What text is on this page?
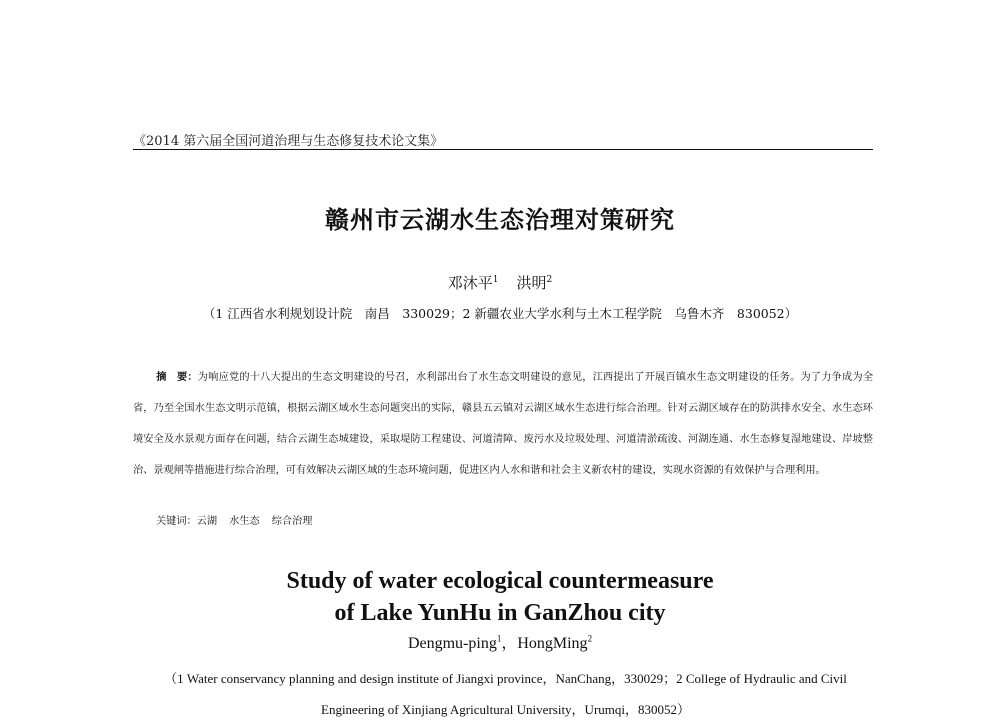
《2014 第六届全国河道治理与生态修复技术论文集》
赣州市云湖水生态治理对策研究
邓沐平$^1$ 洪明$^2$
（1 江西省水利规划设计院　南昌　330029；2 新疆农业大学水利与土木工程学院　乌鲁木齐　830052）
摘　要：为响应党的十八大提出的生态文明建设的号召，水利部出台了水生态文明建设的意见，江西提出了开展百镇水生态文明建设的任务。为了力争成为全省，乃至全国水生态文明示范镇，根据云湖区域水生态问题突出的实际，赣县五云镇对云湖区域水生态进行综合治理。针对云湖区域存在的防洪排水安全、水生态环境安全及水景观方面存在问题，结合云湖生态城建设，采取堤防工程建设、河道清障、废污水及垃圾处理、河道清淤疏浚、河湖连通、水生态修复湿地建设、岸坡整治、景观闸等措施进行综合治理，可有效解决云湖区域的生态环境问题，促进区内人水和谐和社会主义新农村的建设，实现水资源的有效保护与合理利用。
关键词：云湖 水生态 综合治理
Study of water ecological countermeasure
of Lake YunHu in GanZhou city
Dengmu-ping$^1$，HongMing$^2$
（1 Water conservancy planning and design institute of Jiangxi province，NanChang，330029；2 College of Hydraulic and Civil Engineering of Xinjiang Agricultural University，Urumqi，830052）
